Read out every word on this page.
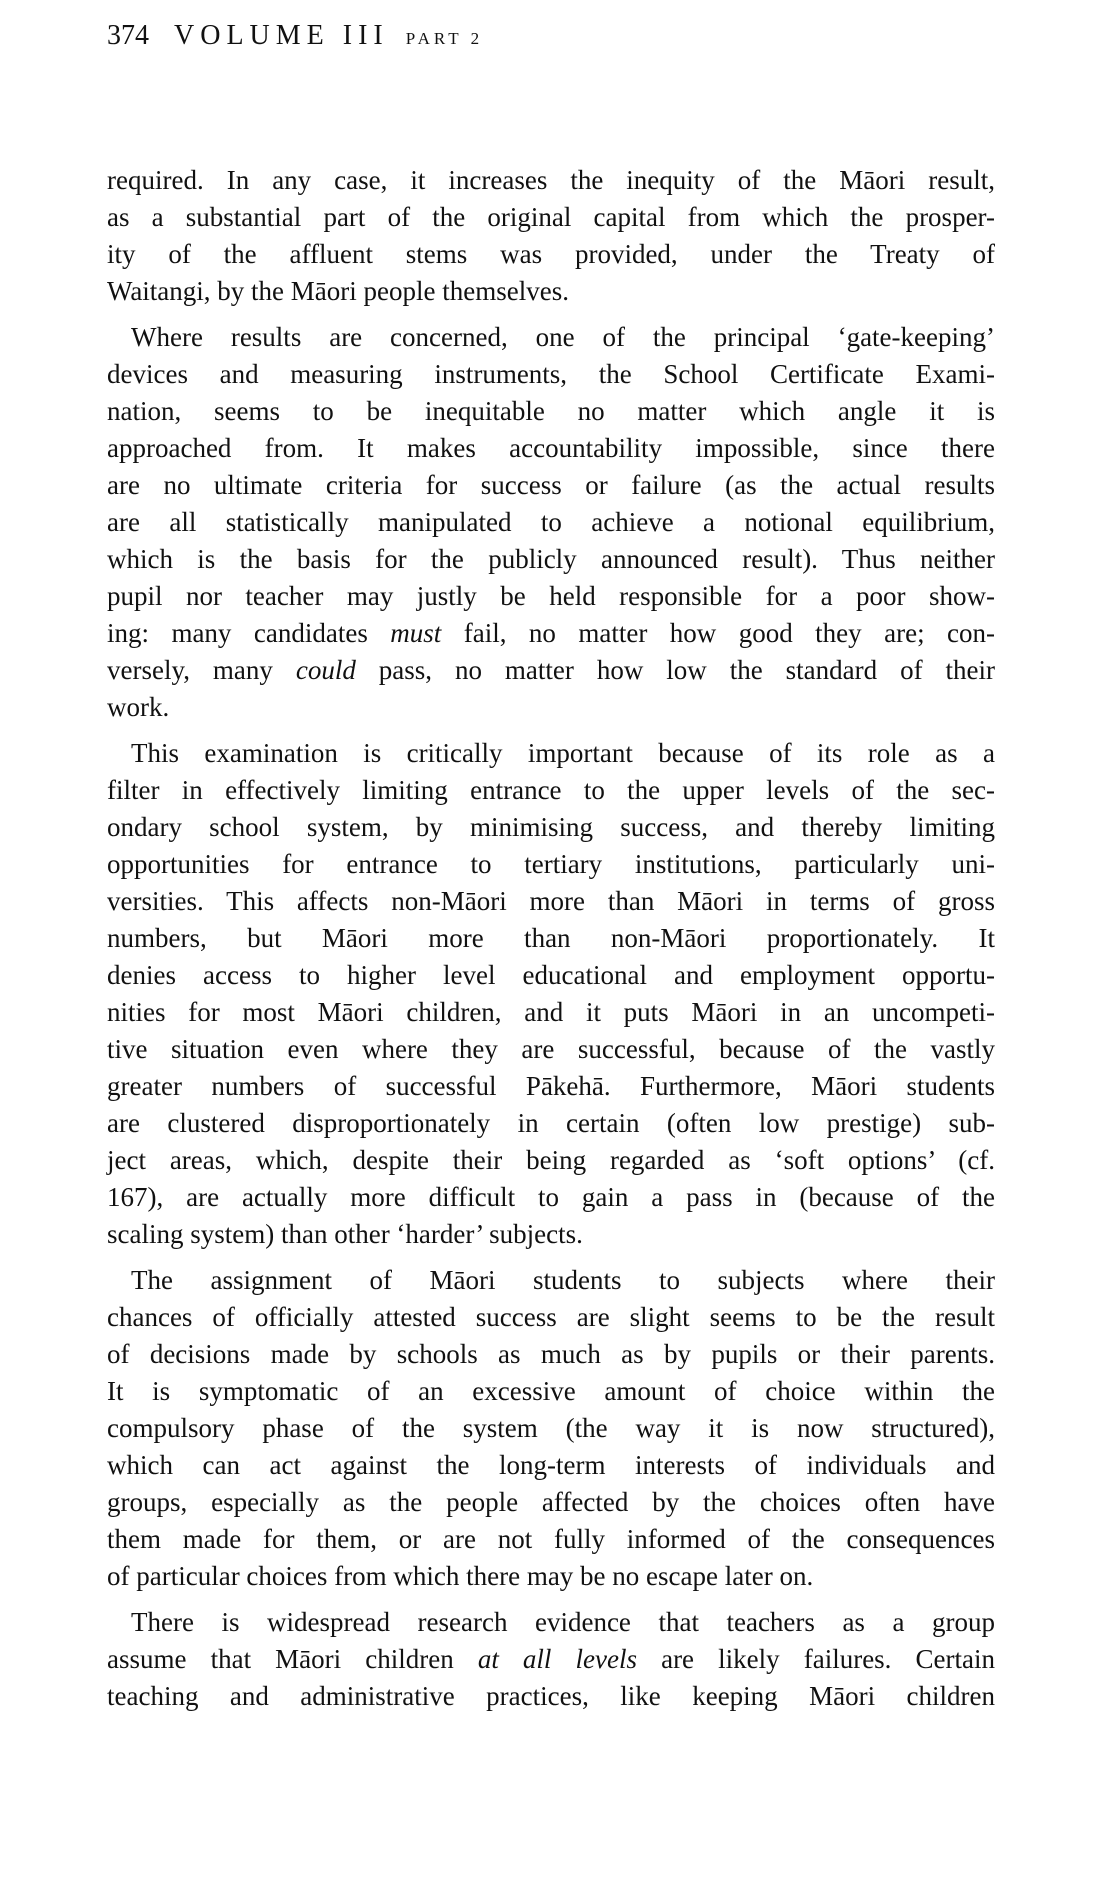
374 VOLUME III PART 2
required. In any case, it increases the inequity of the Māori result,
as a substantial part of the original capital from which the prosper-
ity of the affluent stems was provided, under the Treaty of
Waitangi, by the Māori people themselves.
Where results are concerned, one of the principal ‘gate-keeping’
devices and measuring instruments, the School Certificate Exami-
nation, seems to be inequitable no matter which angle it is
approached from. It makes accountability impossible, since there
are no ultimate criteria for success or failure (as the actual results
are all statistically manipulated to achieve a notional equilibrium,
which is the basis for the publicly announced result). Thus neither
pupil nor teacher may justly be held responsible for a poor show-
ing: many candidates must fail, no matter how good they are; con-
versely, many could pass, no matter how low the standard of their
work.
This examination is critically important because of its role as a
filter in effectively limiting entrance to the upper levels of the sec-
ondary school system, by minimising success, and thereby limiting
opportunities for entrance to tertiary institutions, particularly uni-
versities. This affects non-Māori more than Māori in terms of gross
numbers, but Māori more than non-Māori proportionately. It
denies access to higher level educational and employment opportu-
nities for most Māori children, and it puts Māori in an uncompeti-
tive situation even where they are successful, because of the vastly
greater numbers of successful Pākehā. Furthermore, Māori students
are clustered disproportionately in certain (often low prestige) sub-
ject areas, which, despite their being regarded as ‘soft options’ (cf.
167), are actually more difficult to gain a pass in (because of the
scaling system) than other ‘harder’ subjects.
The assignment of Māori students to subjects where their
chances of officially attested success are slight seems to be the result
of decisions made by schools as much as by pupils or their parents.
It is symptomatic of an excessive amount of choice within the
compulsory phase of the system (the way it is now structured),
which can act against the long-term interests of individuals and
groups, especially as the people affected by the choices often have
them made for them, or are not fully informed of the consequences
of particular choices from which there may be no escape later on.
There is widespread research evidence that teachers as a group
assume that Māori children at all levels are likely failures. Certain
teaching and administrative practices, like keeping Māori children
